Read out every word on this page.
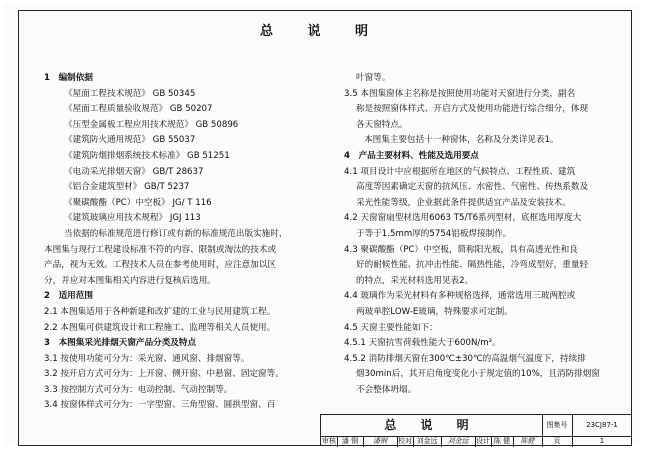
总 说 明
1　编制依据
《屋面工程技术规范》 GB 50345
《屋面工程质量验收规范》 GB 50207
《压型金属板工程应用技术规范》 GB 50896
《建筑防火通用规范》 GB 55037
《建筑防烟排烟系统技术标准》 GB 51251
《电动采光排烟天窗》 GB/T 28637
《铝合金建筑型材》 GB/T 5237
《聚碳酸酯（PC）中空板》 JG/ T 116
《建筑玻璃应用技术规程》 JGJ 113
当依据的标准规范进行修订或有新的标准规范出版实施时，
本图集与现行工程建设标准不符的内容、限制或淘汰的技术或
产品，视为无效。工程技术人员在参考使用时，应注意加以区
分，并应对本图集相关内容进行复核后选用。
2　适用范围
2.1 本图集适用于各种新建和改扩建的工业与民用建筑工程。
2.2 本图集可供建筑设计和工程施工、监理等相关人员使用。
3　本图集采光排烟天窗产品分类及特点
3.1 按使用功能可分为：采光窗、通风窗、排烟窗等。
3.2 按开启方式可分为：上开窗、侧开窗、中悬窗、固定窗等。
3.3 按控制方式可分为：电动控制、气动控制等。
3.4 按窗体样式可分为：一字型窗、三角型窗、圆拱型窗、百
叶窗等。
3.5 本图集窗体主名称是按照使用功能对天窗进行分类，副名
称是按照窗体样式、开启方式及使用功能进行综合细分，体现
各天窗特点。
本图集主要包括十一种窗体，名称及分类详见表1。
4　产品主要材料、性能及选用要点
4.1 项目设计中应根据所在地区的气候特点、工程性质、建筑
高度等因素确定天窗的抗风压、水密性、气密性、传热系数及
采光性能等级，企业据此条件提供适宜产品及安装技术。
4.2 天窗窗扇型材选用6063 T5/T6系列型材，底框选用厚度大
于等于1.5mm厚的5754铝板焊接制作。
4.3 聚碳酸酯（PC）中空板，简称阳光板，具有高透光性和良
好的耐候性能、抗冲击性能、隔热性能，冷弯成型好，重量轻
的特点，采光材料选用见表2。
4.4 玻璃作为采光材料有多种规格选择，通常选用三玻两腔或
两玻单腔LOW-E玻璃，特殊要求可定制。
4.5 天窗主要性能如下：
4.5.1 天窗抗雪荷载性能大于600N/m²。
4.5.2 消防排烟天窗在300℃±30℃的高温烟气温度下，持续排
烟30min后，其开启角度变化小于规定值的10%，且消防排烟窗
不会整体坍塌。
总 说 明	图集号	23CJ87-1
审核 潘 钢	潘钢	校对 刘金远	刘金远	设计 陈 健	陈健	页	1
